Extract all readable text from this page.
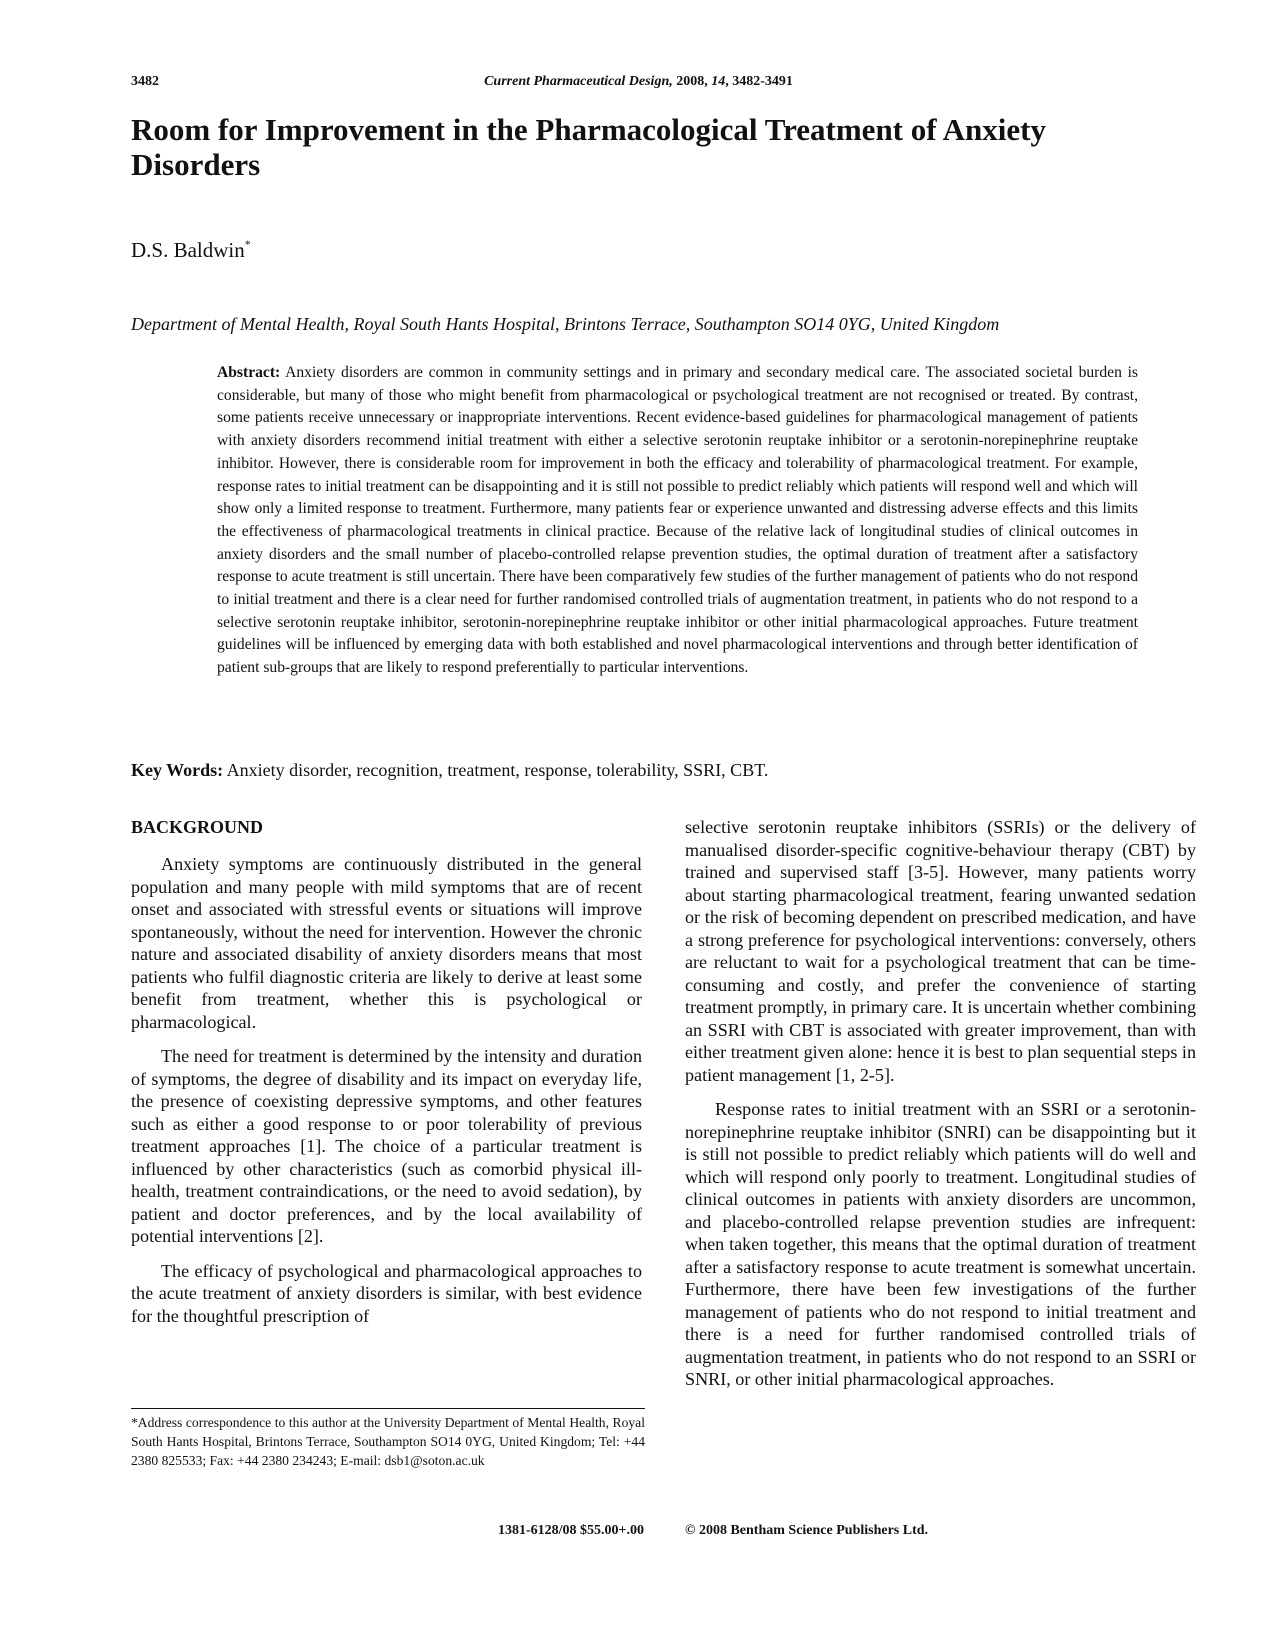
3482	Current Pharmaceutical Design, 2008, 14, 3482-3491
Room for Improvement in the Pharmacological Treatment of Anxiety Disorders
D.S. Baldwin*
Department of Mental Health, Royal South Hants Hospital, Brintons Terrace, Southampton SO14 0YG, United Kingdom

Abstract: Anxiety disorders are common in community settings and in primary and secondary medical care. The associated societal burden is considerable, but many of those who might benefit from pharmacological or psychological treatment are not recognised or treated. By contrast, some patients receive unnecessary or inappropriate interventions. Recent evidence-based guidelines for pharmacological management of patients with anxiety disorders recommend initial treatment with either a selective serotonin reuptake inhibitor or a serotonin-norepinephrine reuptake inhibitor. However, there is considerable room for improvement in both the efficacy and tolerability of pharmacological treatment. For example, response rates to initial treatment can be disappointing and it is still not possible to predict reliably which patients will respond well and which will show only a limited response to treatment. Furthermore, many patients fear or experience unwanted and distressing adverse effects and this limits the effectiveness of pharmacological treatments in clinical practice. Because of the relative lack of longitudinal studies of clinical outcomes in anxiety disorders and the small number of placebo-controlled relapse prevention studies, the optimal duration of treatment after a satisfactory response to acute treatment is still uncertain. There have been comparatively few studies of the further management of patients who do not respond to initial treatment and there is a clear need for further randomised controlled trials of augmentation treatment, in patients who do not respond to a selective serotonin reuptake inhibitor, serotonin-norepinephrine reuptake inhibitor or other initial pharmacological approaches. Future treatment guidelines will be influenced by emerging data with both established and novel pharmacological interventions and through better identification of patient sub-groups that are likely to respond preferentially to particular interventions.

Key Words: Anxiety disorder, recognition, treatment, response, tolerability, SSRI, CBT.
BACKGROUND

Anxiety symptoms are continuously distributed in the general population and many people with mild symptoms that are of recent onset and associated with stressful events or situations will improve spontaneously, without the need for intervention. However the chronic nature and associated disability of anxiety disorders means that most patients who fulfil diagnostic criteria are likely to derive at least some benefit from treatment, whether this is psychological or pharmacological.

The need for treatment is determined by the intensity and duration of symptoms, the degree of disability and its impact on everyday life, the presence of coexisting depressive symptoms, and other features such as either a good response to or poor tolerability of previous treatment approaches [1]. The choice of a particular treatment is influenced by other characteristics (such as comorbid physical ill-health, treatment contraindications, or the need to avoid sedation), by patient and doctor preferences, and by the local availability of potential interventions [2].

The efficacy of psychological and pharmacological approaches to the acute treatment of anxiety disorders is similar, with best evidence for the thoughtful prescription of

selective serotonin reuptake inhibitors (SSRIs) or the delivery of manualised disorder-specific cognitive-behaviour therapy (CBT) by trained and supervised staff [3-5]. However, many patients worry about starting pharmacological treatment, fearing unwanted sedation or the risk of becoming dependent on prescribed medication, and have a strong preference for psychological interventions: conversely, others are reluctant to wait for a psychological treatment that can be time-consuming and costly, and prefer the convenience of starting treatment promptly, in primary care. It is uncertain whether combining an SSRI with CBT is associated with greater improvement, than with either treatment given alone: hence it is best to plan sequential steps in patient management [1, 2-5].

Response rates to initial treatment with an SSRI or a serotonin-norepinephrine reuptake inhibitor (SNRI) can be disappointing but it is still not possible to predict reliably which patients will do well and which will respond only poorly to treatment. Longitudinal studies of clinical outcomes in patients with anxiety disorders are uncommon, and placebo-controlled relapse prevention studies are infrequent: when taken together, this means that the optimal duration of treatment after a satisfactory response to acute treatment is somewhat uncertain. Furthermore, there have been few investigations of the further management of patients who do not respond to initial treatment and there is a need for further randomised controlled trials of augmentation treatment, in patients who do not respond to an SSRI or SNRI, or other initial pharmacological approaches.

*Address correspondence to this author at the University Department of Mental Health, Royal South Hants Hospital, Brintons Terrace, Southampton SO14 0YG, United Kingdom; Tel: +44 2380 825533; Fax: +44 2380 234243; E-mail: dsb1@soton.ac.uk

1381-6128/08 $55.00+.00	© 2008 Bentham Science Publishers Ltd.
